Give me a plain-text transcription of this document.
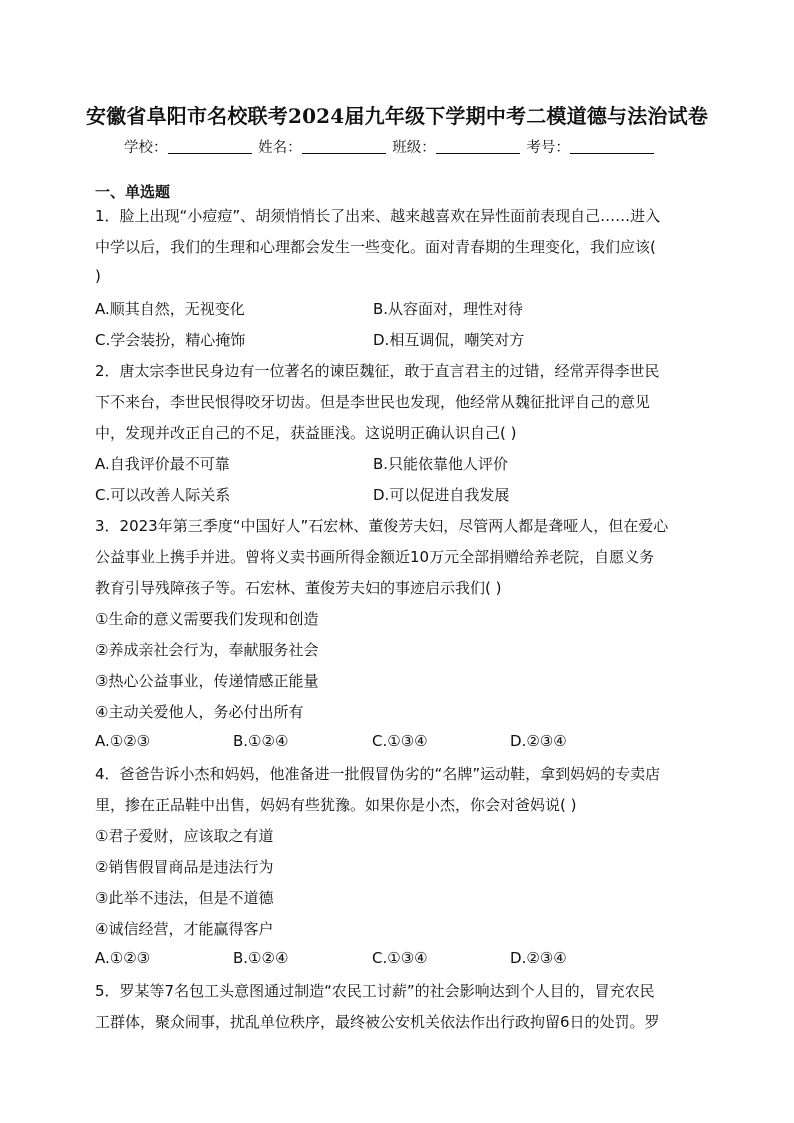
安徽省阜阳市名校联考2024届九年级下学期中考二模道德与法治试卷
学校：	姓名：	班级：	考号：
一、单选题
1．脸上出现“小痘痘”、胡须悄悄长了出来、越来越喜欢在异性面前表现自己……进入
中学以后，我们的生理和心理都会发生一些变化。面对青春期的生理变化，我们应该(
)
A.顺其自然，无视变化	B.从容面对，理性对待
C.学会装扮，精心掩饰	D.相互调侃，嘲笑对方
2．唐太宗李世民身边有一位著名的谏臣魏征，敢于直言君主的过错，经常弄得李世民
下不来台，李世民恨得咬牙切齿。但是李世民也发现，他经常从魏征批评自己的意见
中，发现并改正自己的不足，获益匪浅。这说明正确认识自己( )
A.自我评价最不可靠	B.只能依靠他人评价
C.可以改善人际关系	D.可以促进自我发展
3．2023年第三季度“中国好人”石宏林、董俊芳夫妇，尽管两人都是聋哑人，但在爱心
公益事业上携手并进。曾将义卖书画所得金额近10万元全部捐赠给养老院，自愿义务
教育引导残障孩子等。石宏林、董俊芳夫妇的事迹启示我们( )
①生命的意义需要我们发现和创造
②养成亲社会行为，奉献服务社会
③热心公益事业，传递情感正能量
④主动关爱他人，务必付出所有
A.①②③	B.①②④	C.①③④	D.②③④
4．爸爸告诉小杰和妈妈，他准备进一批假冒伪劣的“名牌”运动鞋，拿到妈妈的专卖店
里，掺在正品鞋中出售，妈妈有些犹豫。如果你是小杰，你会对爸妈说( )
①君子爱财，应该取之有道
②销售假冒商品是违法行为
③此举不违法，但是不道德
④诚信经营，才能赢得客户
A.①②③	B.①②④	C.①③④	D.②③④
5．罗某等7名包工头意图通过制造“农民工讨薪”的社会影响达到个人目的，冒充农民
工群体，聚众闹事，扰乱单位秩序，最终被公安机关依法作出行政拘留6日的处罚。罗
